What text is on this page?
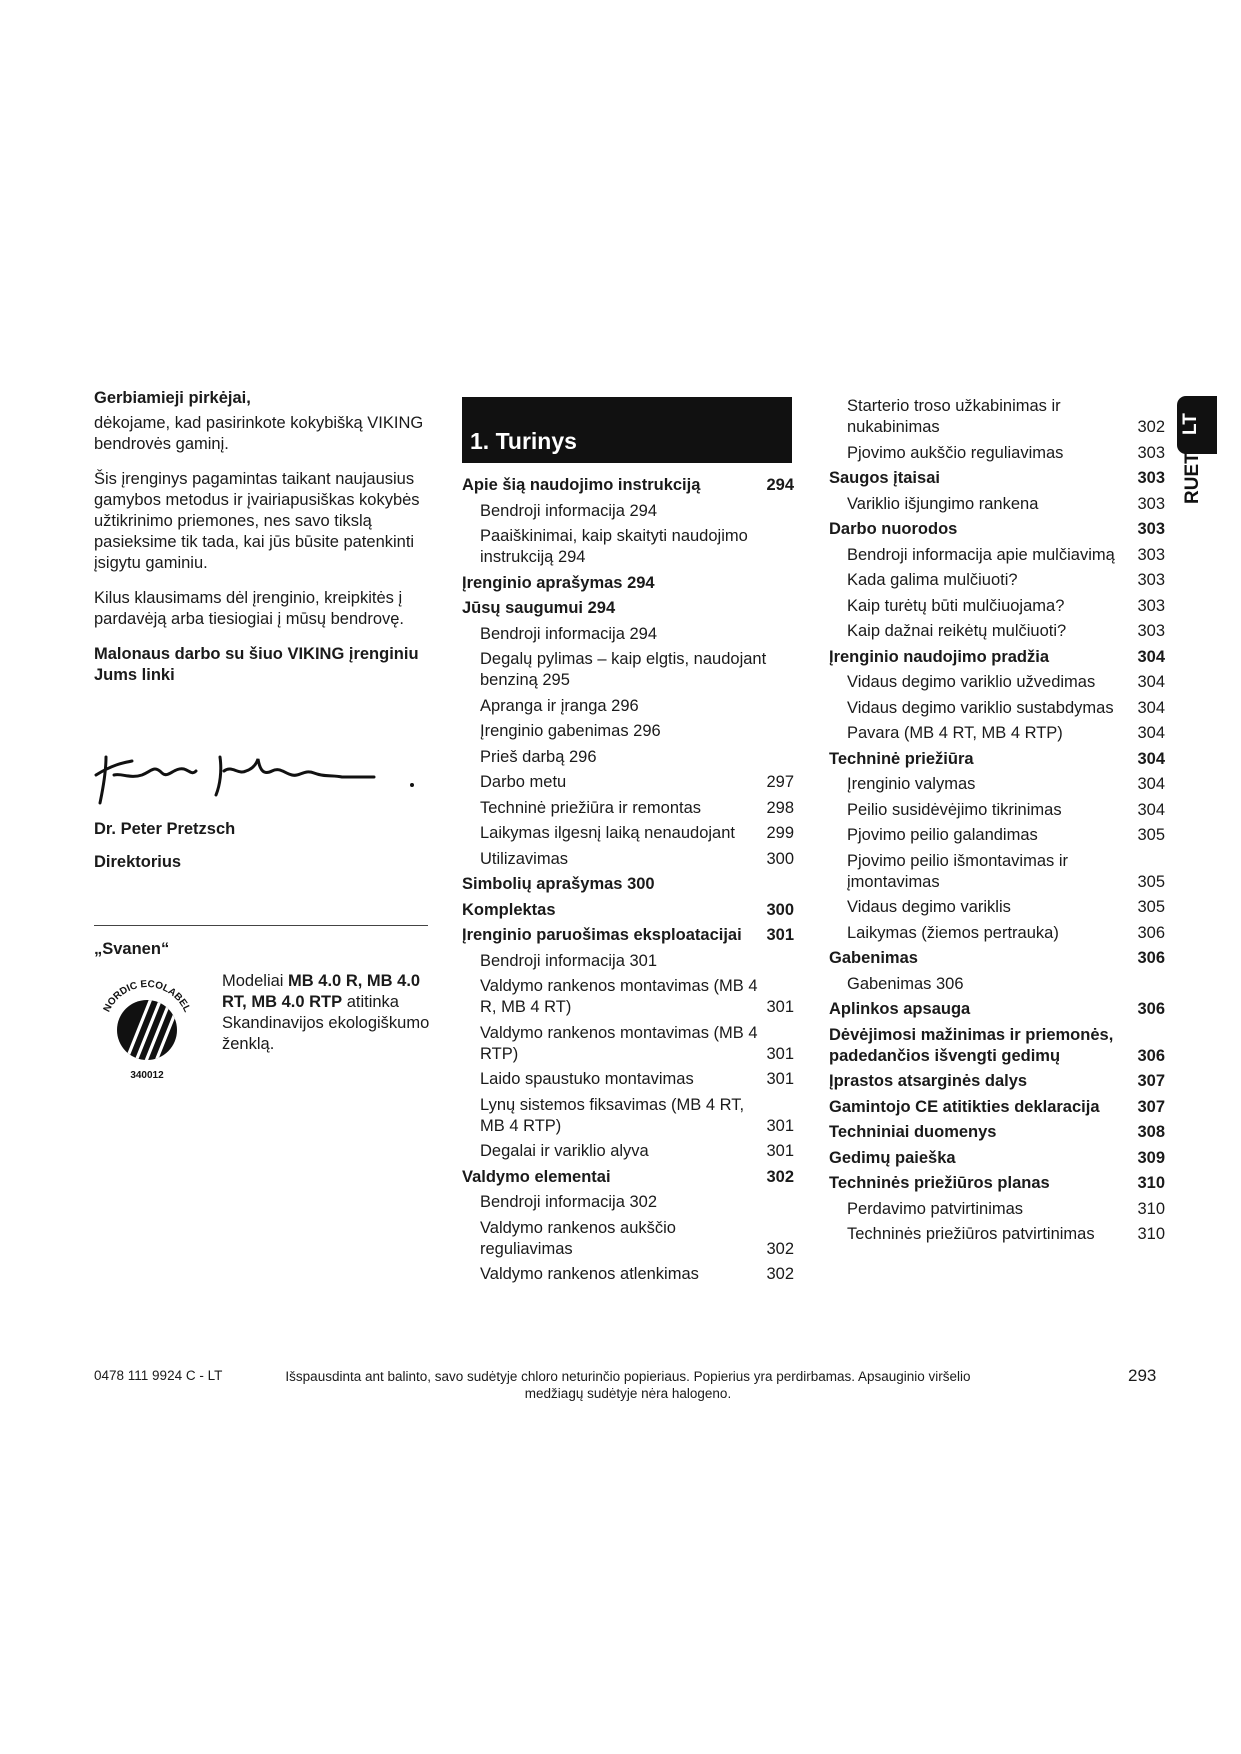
Gerbiamieji pirkėjai,

dėkojame, kad pasirinkote kokybišką VIKING bendrovės gaminį.

Šis įrenginys pagamintas taikant naujausius gamybos metodus ir įvairiapusiškas kokybės užtikrinimo priemones, nes savo tikslą pasieksime tik tada, kai jūs būsite patenkinti įsigytu gaminiu.

Kilus klausimams dėl įrenginio, kreipkitės į pardavėją arba tiesiogiai į mūsų bendrovę.

Malonaus darbo su šiuo VIKING įrenginiu Jums linki

Dr. Peter Pretzsch
Direktorius
„Svanen“
NORDIC ECOLABEL
340012
Modeliai MB 4.0 R, MB 4.0 RT, MB 4.0 RTP atitinka Skandinavijos ekologiškumo ženklą.
1. Turinys
Apie šią naudojimo instrukciją	294
Bendroji informacija 294
Paaiškinimai, kaip skaityti naudojimo instrukciją 294
Įrenginio aprašymas 294
Jūsų saugumui 294
Bendroji informacija 294
Degalų pylimas – kaip elgtis, naudojant benziną 295
Apranga ir įranga 296
Įrenginio gabenimas 296
Prieš darbą 296
Darbo metu	297
Techninė priežiūra ir remontas	298
Laikymas ilgesnį laiką nenaudojant	299
Utilizavimas	300
Simbolių aprašymas 300
Komplektas	300
Įrenginio paruošimas eksploatacijai	301
Bendroji informacija 301
Valdymo rankenos montavimas (MB 4 R, MB 4 RT)	301
Valdymo rankenos montavimas (MB 4 RTP)	301
Laido spaustuko montavimas	301
Lynų sistemos fiksavimas (MB 4 RT, MB 4 RTP)	301
Degalai ir variklio alyva	301
Valdymo elementai	302
Bendroji informacija 302
Valdymo rankenos aukščio reguliavimas	302
Valdymo rankenos atlenkimas	302
Starterio troso užkabinimas ir nukabinimas	302
Pjovimo aukščio reguliavimas	303
Saugos įtaisai	303
Variklio išjungimo rankena	303
Darbo nuorodos	303
Bendroji informacija apie mulčiavimą	303
Kada galima mulčiuoti?	303
Kaip turėtų būti mulčiuojama?	303
Kaip dažnai reikėtų mulčiuoti?	303
Įrenginio naudojimo pradžia	304
Vidaus degimo variklio užvedimas	304
Vidaus degimo variklio sustabdymas	304
Pavara (MB 4 RT, MB 4 RTP)	304
Techninė priežiūra	304
Įrenginio valymas	304
Peilio susidėvėjimo tikrinimas	304
Pjovimo peilio galandimas	305
Pjovimo peilio išmontavimas ir įmontavimas	305
Vidaus degimo variklis	305
Laikymas (žiemos pertrauka)	306
Gabenimas	306
Gabenimas 306
Aplinkos apsauga	306
Dėvėjimosi mažinimas ir priemonės, padedančios išvengti gedimų	306
Įprastos atsarginės dalys	307
Gamintojo CE atitikties deklaracija	307
Techniniai duomenys	308
Gedimų paieška	309
Techninės priežiūros planas	310
Perdavimo patvirtinimas	310
Techninės priežiūros patvirtinimas	310
LT
RUET
0478 111 9924 C - LT	Išspausdinta ant balinto, savo sudėtyje chloro neturinčio popieriaus. Popierius yra perdirbamas. Apsauginio viršelio medžiagų sudėtyje nėra halogeno.
293
